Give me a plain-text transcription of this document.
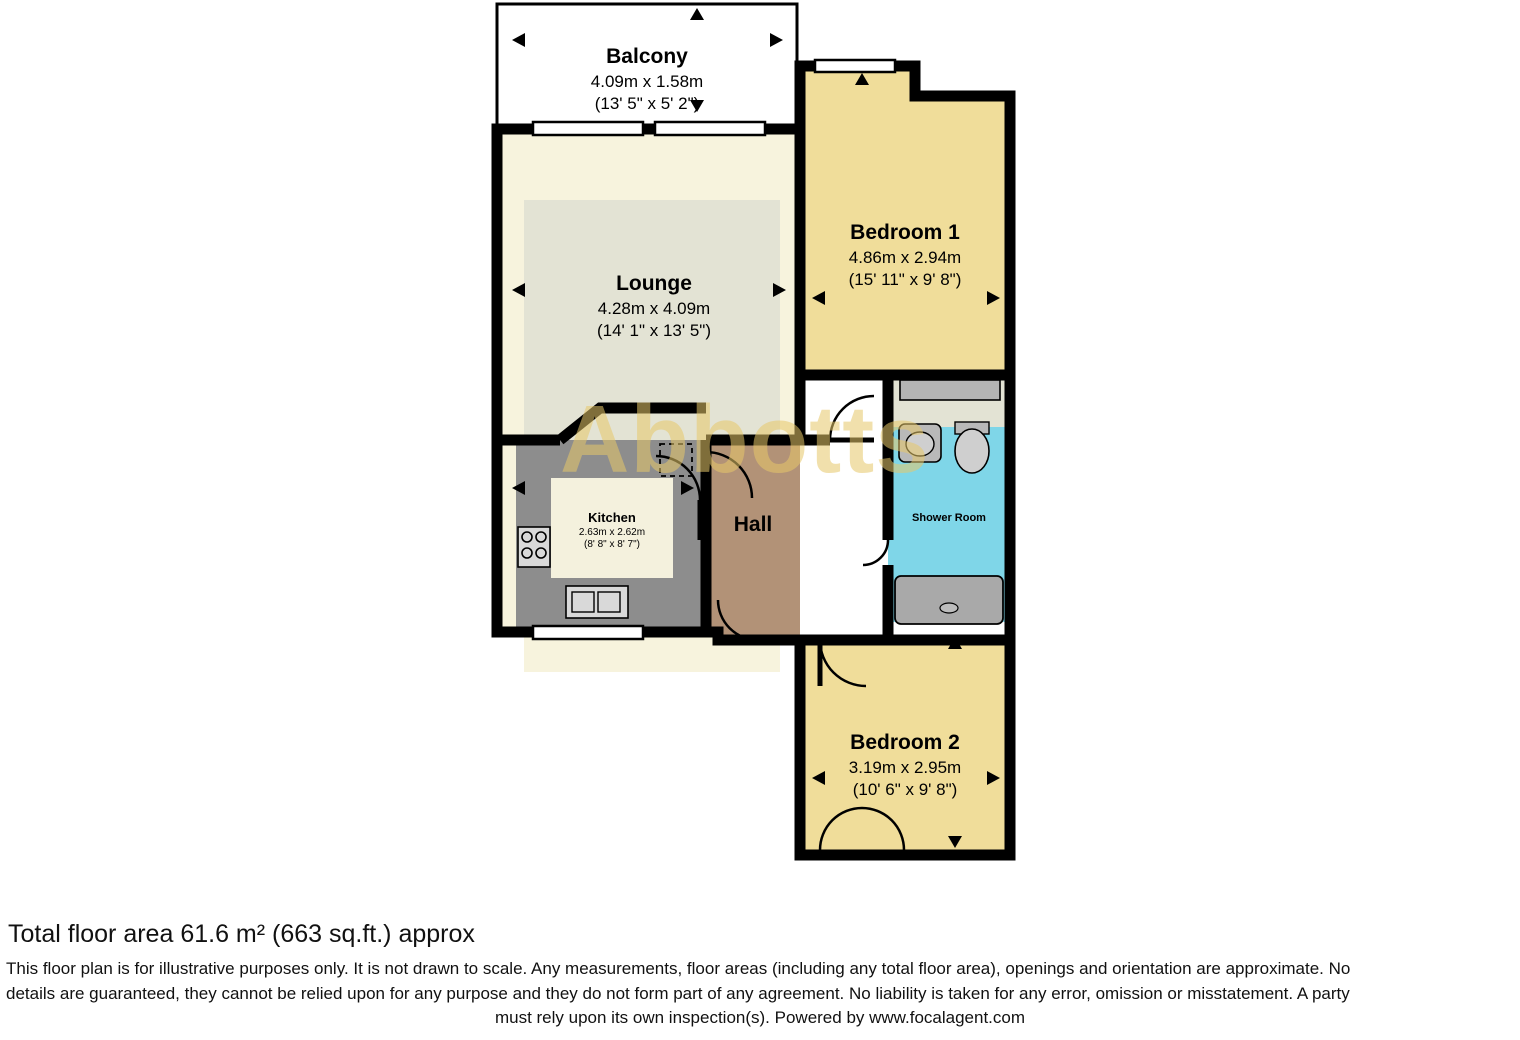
Abbotts
Balcony
4.09m x 1.58m
(13' 5" x 5' 2")
Lounge
4.28m x 4.09m
(14' 1" x 13' 5")
Bedroom 1
4.86m x 2.94m
(15' 11" x 9' 8")
Bedroom 2
3.19m x 2.95m
(10' 6" x 9' 8")
Kitchen
2.63m x 2.62m
(8' 8" x 8' 7")
Hall	Shower Room
Total floor area 61.6 m² (663 sq.ft.) approx
This floor plan is for illustrative purposes only. It is not drawn to scale. Any measurements, floor areas (including any total floor area), openings and orientation are approximate. No
details are guaranteed, they cannot be relied upon for any purpose and they do not form part of any agreement. No liability is taken for any error, omission or misstatement. A party
must rely upon its own inspection(s). Powered by www.focalagent.com
